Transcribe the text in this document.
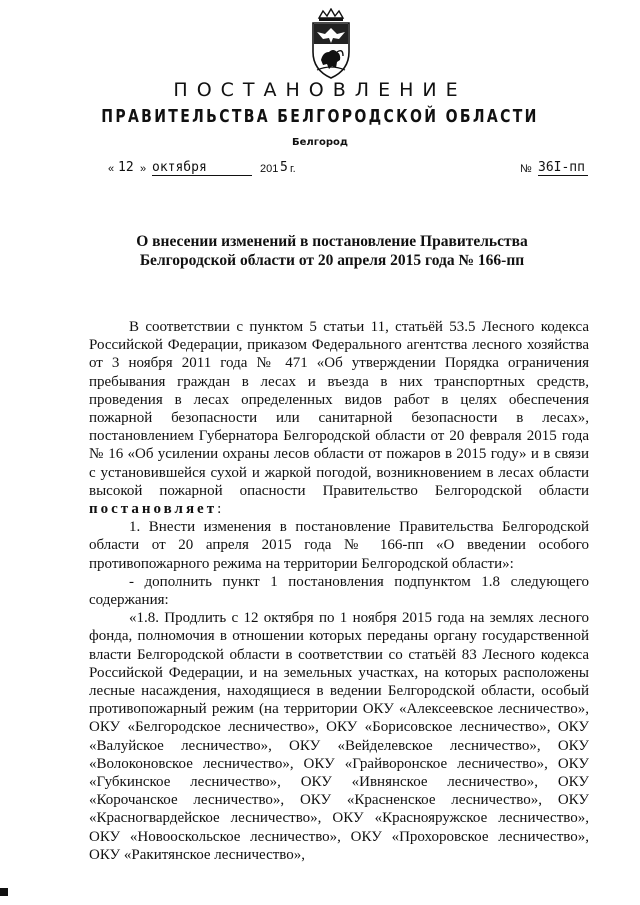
ПОСТАНОВЛЕНИЕ
ПРАВИТЕЛЬСТВА БЕЛГОРОДСКОЙ ОБЛАСТИ
Белгород
« 12 » октября	201 5 г.	№ 36I-пп
О внесении изменений в постановление Правительства
Белгородской области от 20 апреля 2015 года № 166-пп

В соответствии с пунктом 5 статьи 11, статьёй 53.5 Лесного кодекса Российской Федерации, приказом Федерального агентства лесного хозяйства от 3 ноября 2011 года № 471 «Об утверждении Порядка ограничения пребывания граждан в лесах и въезда в них транспортных средств, проведения в лесах определенных видов работ в целях обеспечения пожарной безопасности или санитарной безопасности в лесах», постановлением Губернатора Белгородской области от 20 февраля 2015 года № 16 «Об усилении охраны лесов области от пожаров в 2015 году» и в связи с установившейся сухой и жаркой погодой, возникновением в лесах области высокой пожарной опасности Правительство Белгородской области постановляет:

1. Внести изменения в постановление Правительства Белгородской области от 20 апреля 2015 года № 166-пп «О введении особого противопожарного режима на территории Белгородской области»:

- дополнить пункт 1 постановления подпунктом 1.8 следующего содержания:

«1.8. Продлить с 12 октября по 1 ноября 2015 года на землях лесного фонда, полномочия в отношении которых переданы органу государственной власти Белгородской области в соответствии со статьёй 83 Лесного кодекса Российской Федерации, и на земельных участках, на которых расположены лесные насаждения, находящиеся в ведении Белгородской области, особый противопожарный режим (на территории ОКУ «Алексеевское лесничество», ОКУ «Белгородское лесничество», ОКУ «Борисовское лесничество», ОКУ «Валуйское лесничество», ОКУ «Вейделевское лесничество», ОКУ «Волоконовское лесничество», ОКУ «Грайворонское лесничество», ОКУ «Губкинское лесничество», ОКУ «Ивнянское лесничество», ОКУ «Корочанское лесничество», ОКУ «Красненское лесничество», ОКУ «Красногвардейское лесничество», ОКУ «Краснояружское лесничество», ОКУ «Новооскольское лесничество», ОКУ «Прохоровское лесничество», ОКУ «Ракитянское лесничество»,
